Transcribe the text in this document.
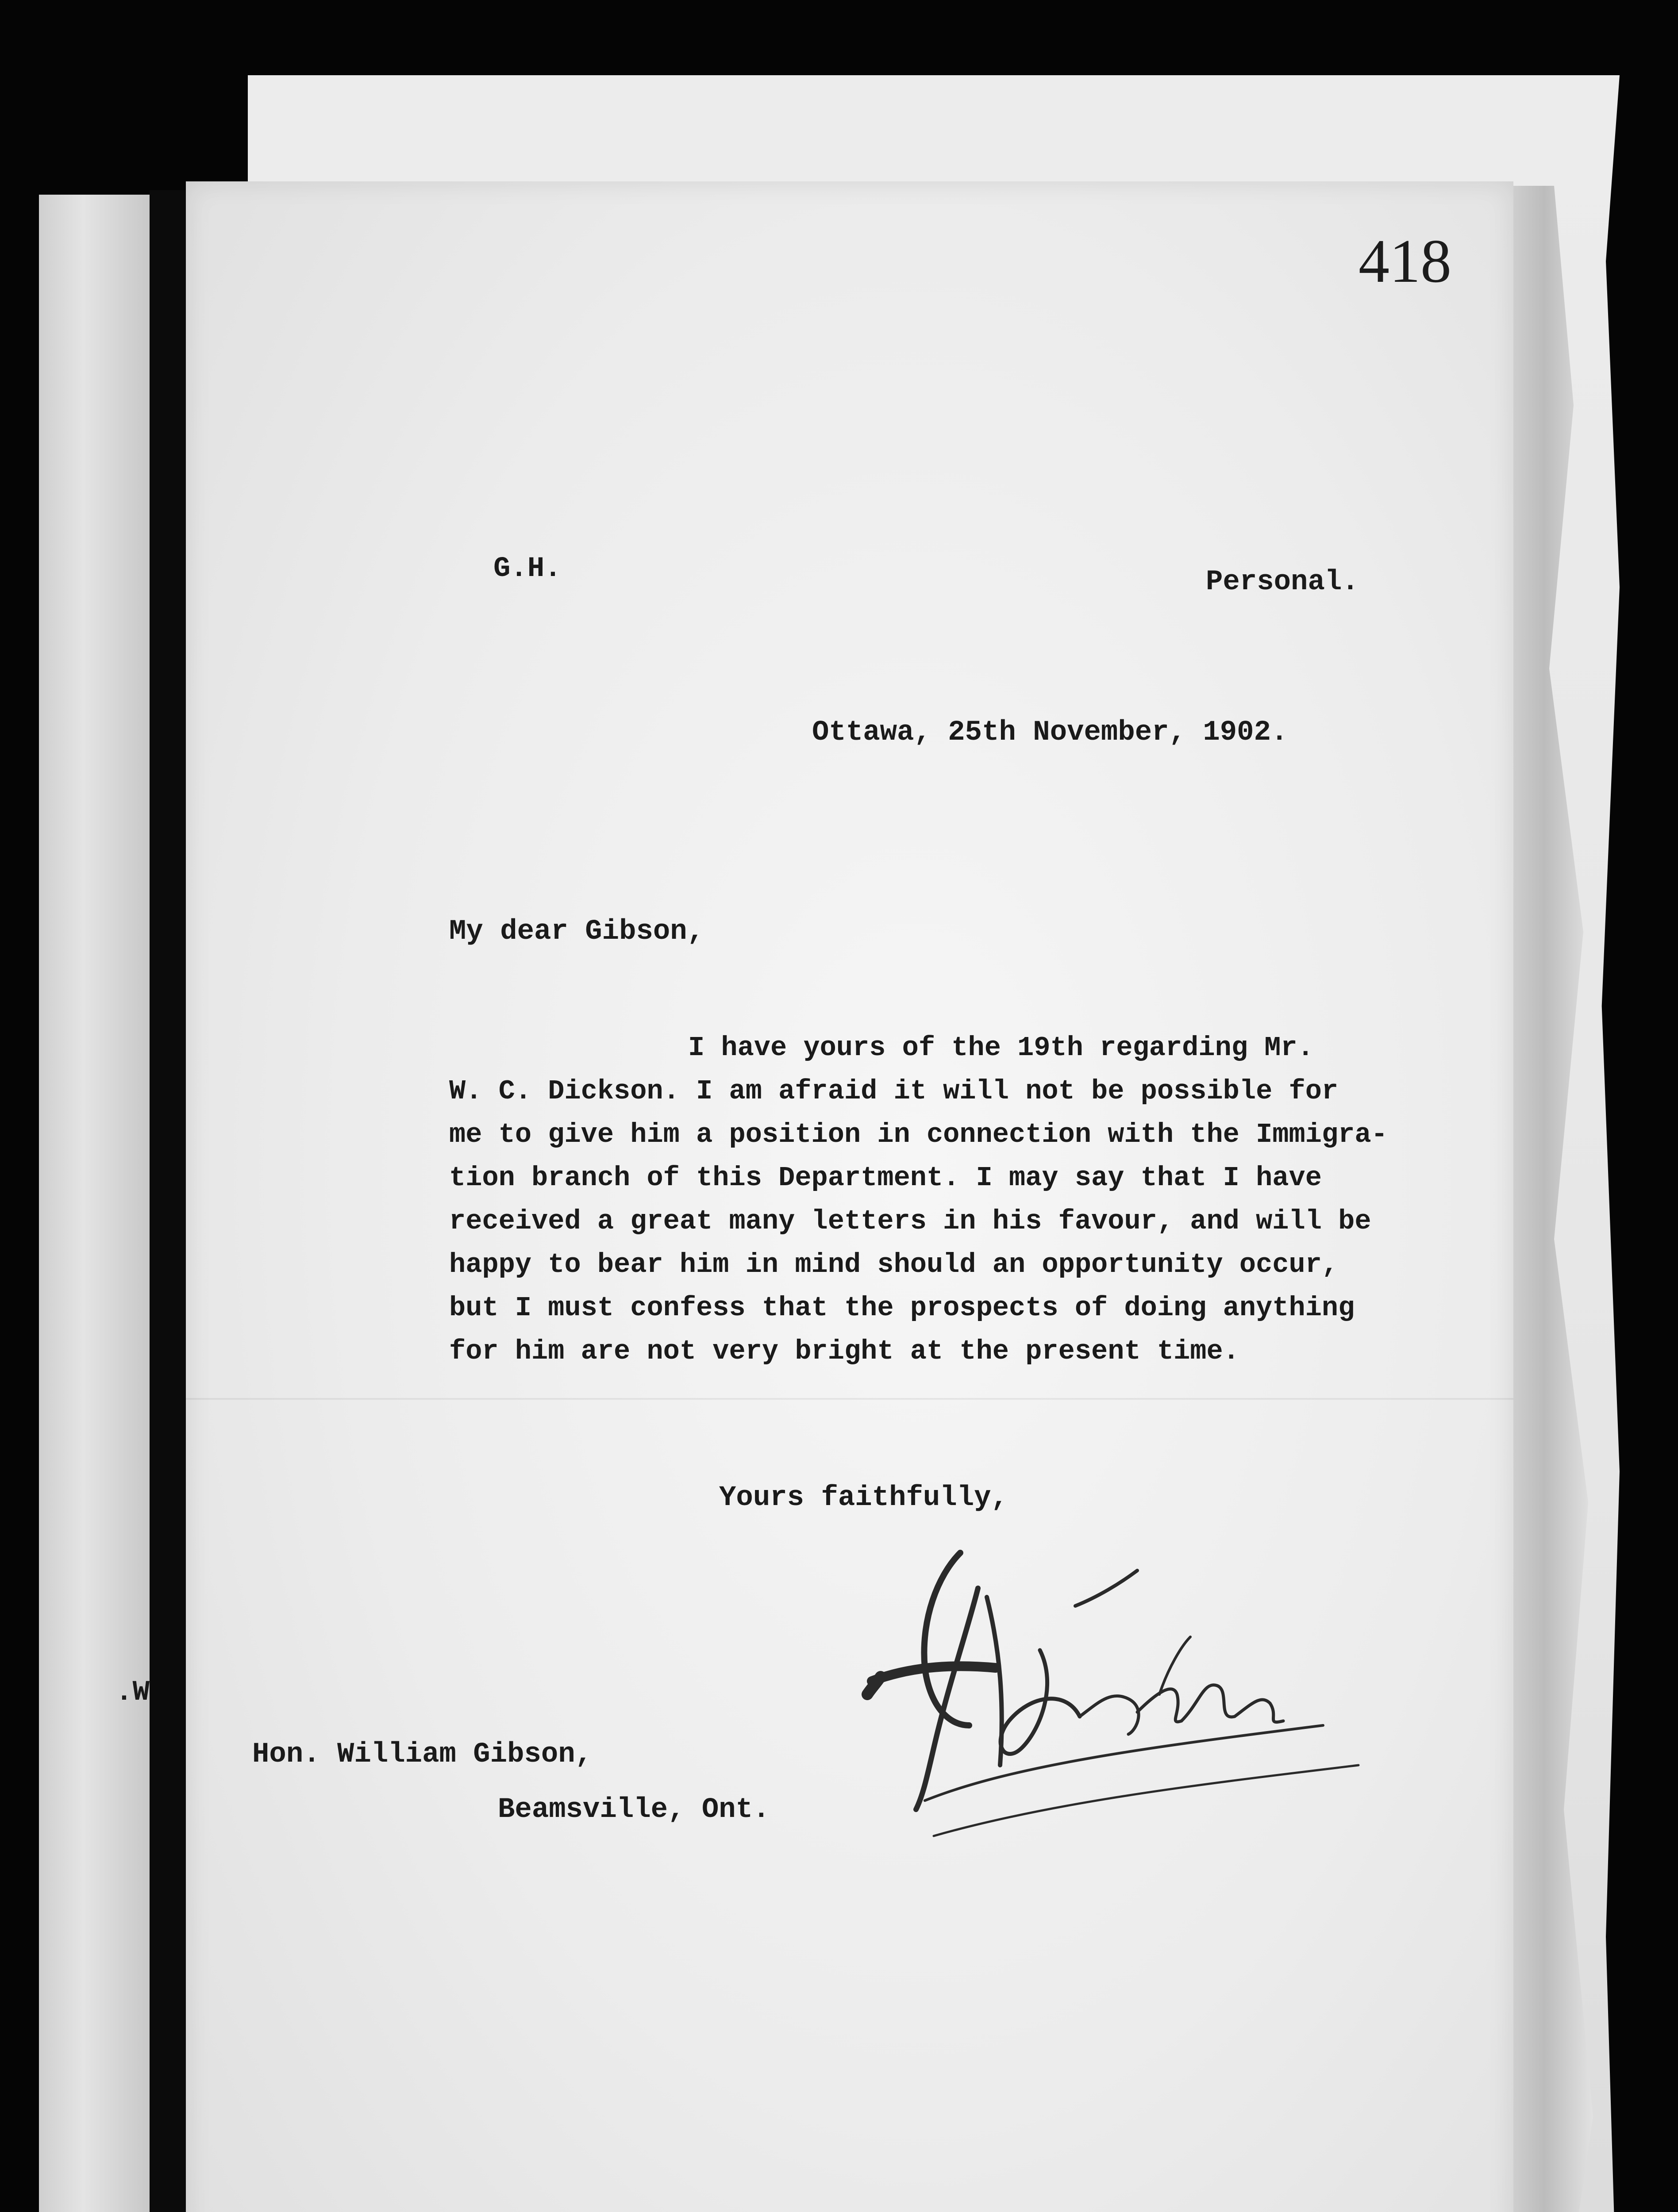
.W
418
G.H.	Personal.
Ottawa, 25th November, 1902.
My dear Gibson,
I have yours of the 19th regarding Mr.
W. C. Dickson. I am afraid it will not be possible for
me to give him a position in connection with the Immigra-
tion branch of this Department. I may say that I have
received a great many letters in his favour, and will be
happy to bear him in mind should an opportunity occur,
but I must confess that the prospects of doing anything
for him are not very bright at the present time.
Yours faithfully,
Hon. William Gibson,
Beamsville, Ont.
